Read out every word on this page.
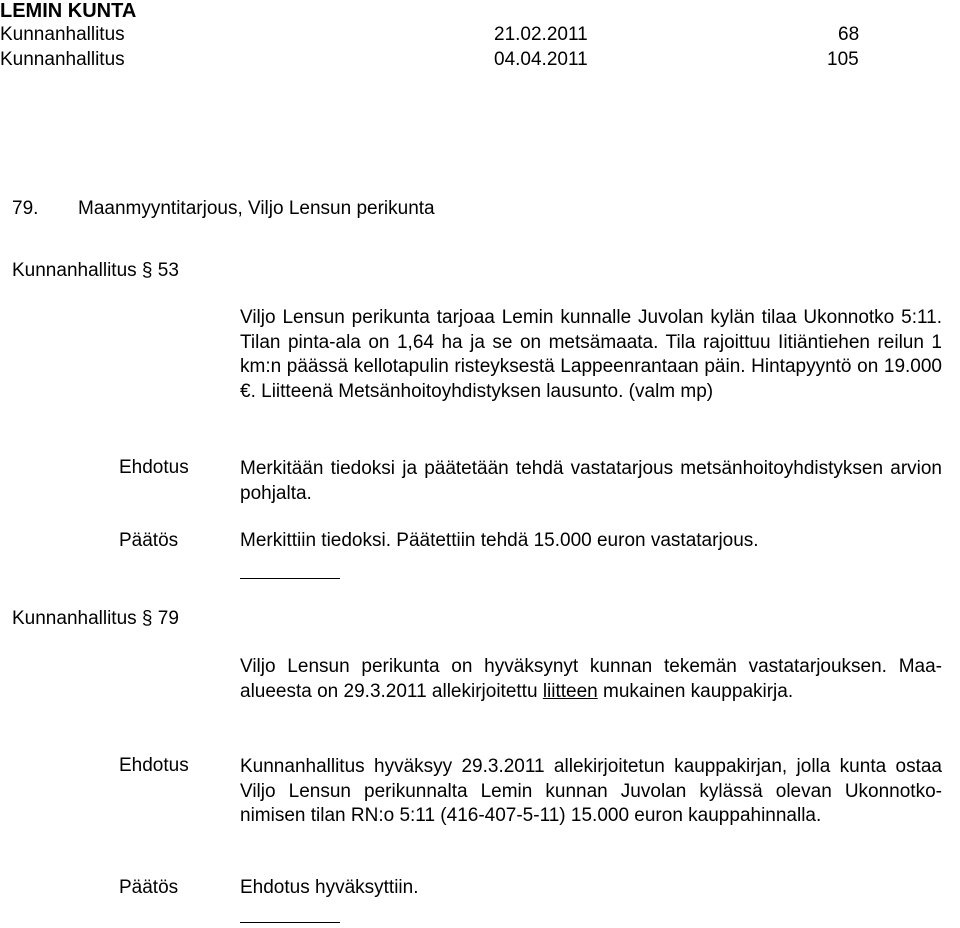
LEMIN KUNTA
Kunnanhallitus	21.02.2011	68
Kunnanhallitus	04.04.2011	105
79. Maanmyyntitarjous, Viljo Lensun perikunta
Kunnanhallitus § 53

Viljo Lensun perikunta tarjoaa Lemin kunnalle Juvolan kylän tilaa Ukonnotko 5:11. Tilan pinta-ala on 1,64 ha ja se on metsämaata. Tila rajoittuu Iitiäntiehen reilun 1 km:n päässä kellotapulin risteyksestä Lappeenrantaan päin. Hintapyyntö on 19.000 €. Liitteenä Metsänhoitoyhdistyksen lausunto. (valm mp)

Ehdotus	Merkitään tiedoksi ja päätetään tehdä vastatarjous metsänhoitoyhdistyksen arvion pohjalta.

Päätös	Merkittiin tiedoksi. Päätettiin tehdä 15.000 euron vastatarjous.
Kunnanhallitus § 79

Viljo Lensun perikunta on hyväksynyt kunnan tekemän vastatarjouksen. Maa-alueesta on 29.3.2011 allekirjoitettu liitteen mukainen kauppakirja.

Ehdotus	Kunnanhallitus hyväksyy 29.3.2011 allekirjoitetun kauppakirjan, jolla kunta ostaa Viljo Lensun perikunnalta Lemin kunnan Juvolan kylässä olevan Ukonnotko-nimisen tilan RN:o 5:11 (416-407-5-11) 15.000 euron kauppahinnalla.

Päätös	Ehdotus hyväksyttiin.
